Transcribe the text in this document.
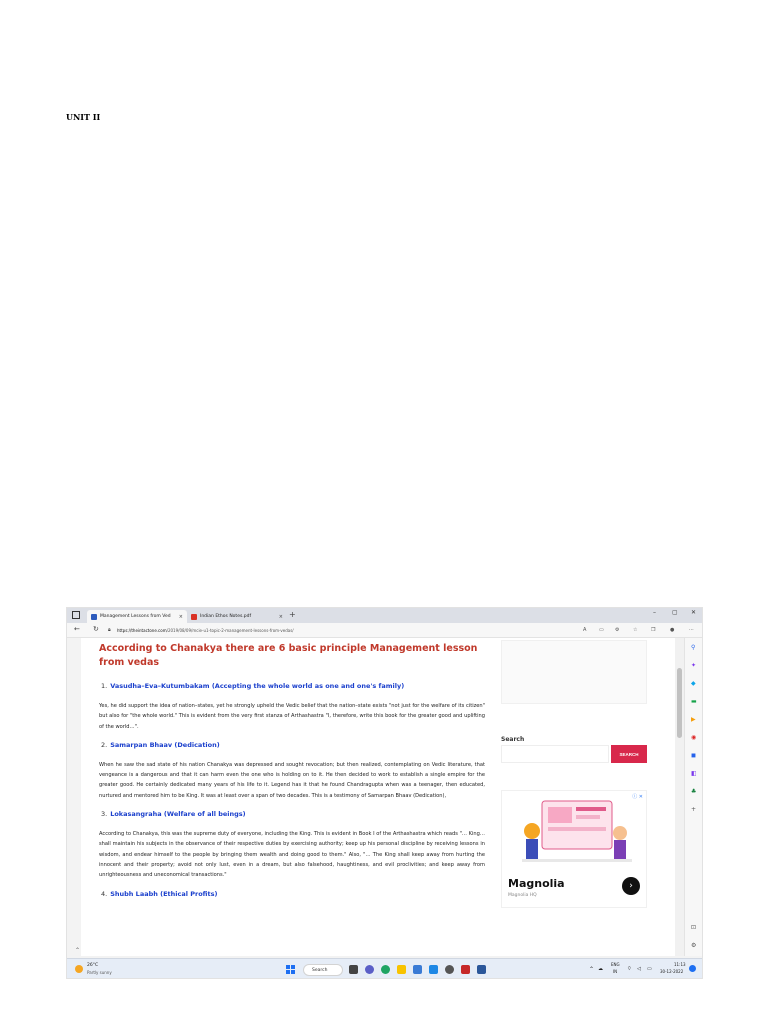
UNIT II
Management Lessons from Ved ×	Indian Ethos Notes.pdf	× +	–	▢ ✕
← ↻ 🔒︎ https://theintactone.com/2019/08/09/mcie-u1-topic-2-management-lessons-from-vedas/	A	▭ ⚙	☆	❐	●	···
According to Chanakya there are 6 basic principle Management lesson from vedas
1. Vasudha–Eva–Kutumbakam (Accepting the whole world as one and one's family)
Yes, he did support the idea of nation–states, yet he strongly upheld the Vedic belief that the nation–state exists "not just for the welfare of its citizen" but also for "the whole world." This is evident from the very first stanza of Arthashastra "I, therefore, write this book for the greater good and uplifting of the world…".
2. Samarpan Bhaav (Dedication)
When he saw the sad state of his nation Chanakya was depressed and sought revocation; but then realized, contemplating on Vedic literature, that vengeance is a dangerous and that it can harm even the one who is holding on to it. He then decided to work to establish a single empire for the greater good. He certainly dedicated many years of his life to it. Legend has it that he found Chandragupta when was a teenager, then educated, nurtured and mentored him to be King. It was at least over a span of two decades. This is a testimony of Samarpan Bhaav (Dedication),
3. Lokasangraha (Welfare of all beings)
According to Chanakya, this was the supreme duty of everyone, including the King. This is evident in Book I of the Arthashastra which reads "… King… shall maintain his subjects in the observance of their respective duties by exercising authority; keep up his personal discipline by receiving lessons in wisdom, and endear himself to the people by bringing them wealth and doing good to them." Also, "… The King shall keep away from hurting the innocent and their property; avoid not only lust, even in a dream, but also falsehood, haughtiness, and evil proclivities; and keep away from unrighteousness and uneconomical transactions."
4. Shubh Laabh (Ethical Profits)
Search
SEARCH
ⓘ ✕
Magnolia
Magnolia HQ
›
⚲
✦
◆
▬
▶
◉
◼
◧
♣
+
⊡
⚙
⌃
26°C
Partly sunny	Search	⌃ ☁
ENG
IN ⌔ ◁ ▭
11:13
30-12-2022
